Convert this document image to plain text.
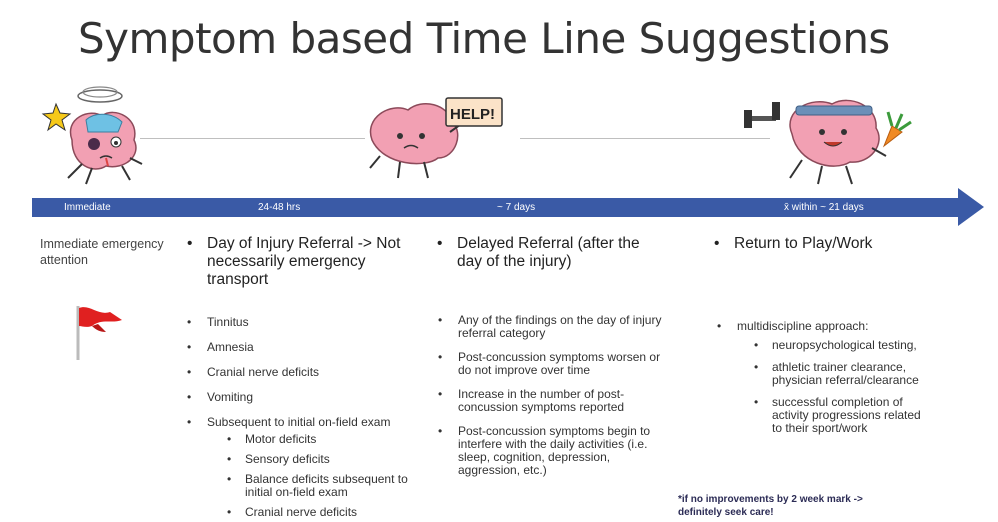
Symptom based Time Line Suggestions
HELP!
Immediate	24-48 hrs	~ 7 days	x̄ within ~ 21 days
Immediate emergency attention
• Day of Injury Referral -> Not necessarily emergency transport
• Tinnitus
• Amnesia
• Cranial nerve deficits
• Vomiting
• Subsequent to initial on-field exam
• Motor deficits
• Sensory deficits
• Balance deficits subsequent to initial on-field exam
• Cranial nerve deficits
• Delayed Referral (after the day of the injury)
• Any of the findings on the day of injury referral category
• Post-concussion symptoms worsen or do not improve over time
• Increase in the number of post-concussion symptoms reported
• Post-concussion symptoms begin to interfere with the daily activities (i.e. sleep, cognition, depression, aggression, etc.)
• Return to Play/Work
• multidiscipline approach:
• neuropsychological testing,
• athletic trainer clearance, physician referral/clearance
• successful completion of activity progressions related to their sport/work
*if no improvements by 2 week mark -> definitely seek care!
